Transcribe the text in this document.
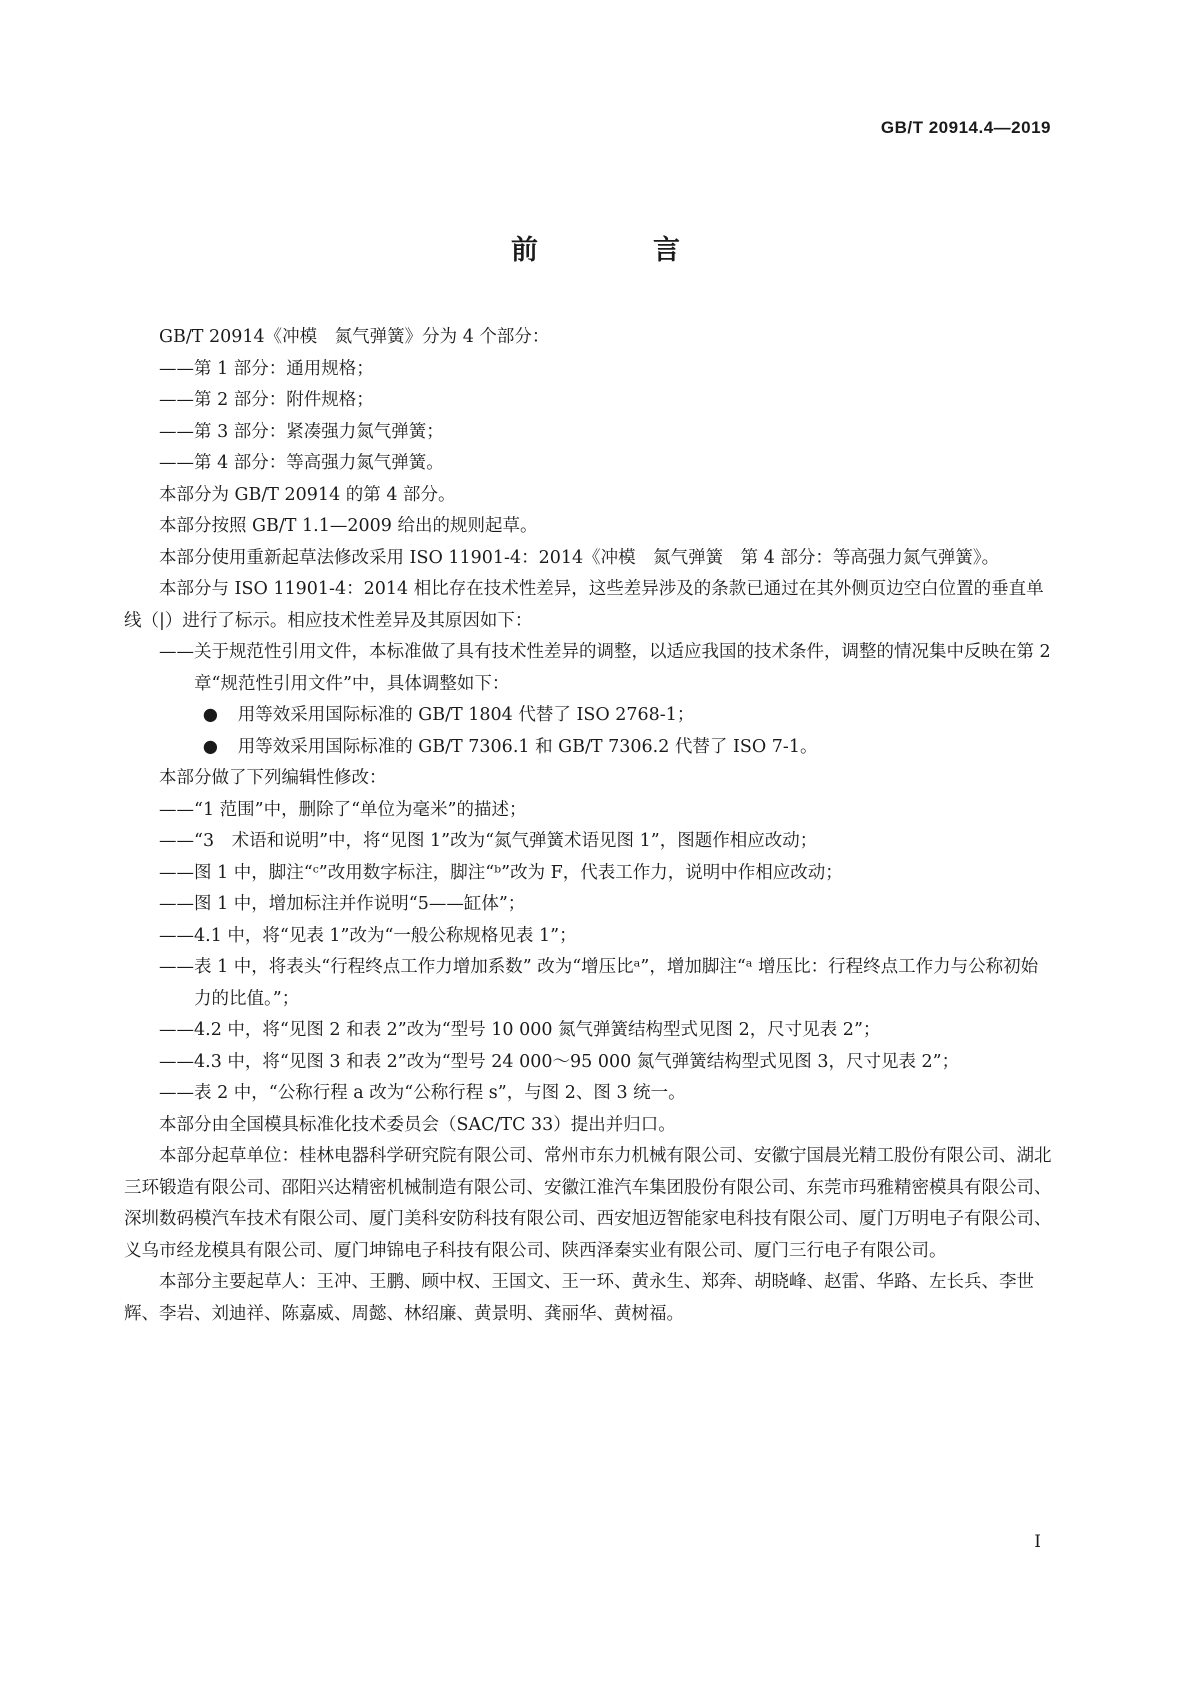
GB/T 20914.4—2019
前　言
GB/T 20914《冲模　氮气弹簧》分为 4 个部分：
——第 1 部分：通用规格；
——第 2 部分：附件规格；
——第 3 部分：紧凑强力氮气弹簧；
——第 4 部分：等高强力氮气弹簧。
本部分为 GB/T 20914 的第 4 部分。
本部分按照 GB/T 1.1—2009 给出的规则起草。
本部分使用重新起草法修改采用 ISO 11901-4：2014《冲模　氮气弹簧　第 4 部分：等高强力氮气弹簧》。
本部分与 ISO 11901-4：2014 相比存在技术性差异，这些差异涉及的条款已通过在其外侧页边空白位置的垂直单线（|）进行了标示。相应技术性差异及其原因如下：
——关于规范性引用文件，本标准做了具有技术性差异的调整，以适应我国的技术条件，调整的情况集中反映在第 2 章“规范性引用文件”中，具体调整如下：
● 用等效采用国际标准的 GB/T 1804 代替了 ISO 2768-1；
● 用等效采用国际标准的 GB/T 7306.1 和 GB/T 7306.2 代替了 ISO 7-1。
本部分做了下列编辑性修改：
——“1 范围”中，删除了“单位为毫米”的描述；
——“3　术语和说明”中，将“见图 1”改为“氮气弹簧术语见图 1”，图题作相应改动；
——图 1 中，脚注“ᶜ”改用数字标注，脚注“ᵇ”改为 F，代表工作力，说明中作相应改动；
——图 1 中，增加标注并作说明“5——缸体”；
——4.1 中，将“见表 1”改为“一般公称规格见表 1”；
——表 1 中，将表头“行程终点工作力增加系数” 改为“增压比ᵃ”，增加脚注“ᵃ 增压比：行程终点工作力与公称初始力的比值。”；
——4.2 中，将“见图 2 和表 2”改为“型号 10 000 氮气弹簧结构型式见图 2，尺寸见表 2”；
——4.3 中，将“见图 3 和表 2”改为“型号 24 000～95 000 氮气弹簧结构型式见图 3，尺寸见表 2”；
——表 2 中，“公称行程 a 改为“公称行程 s”，与图 2、图 3 统一。
本部分由全国模具标准化技术委员会（SAC/TC 33）提出并归口。
本部分起草单位：桂林电器科学研究院有限公司、常州市东力机械有限公司、安徽宁国晨光精工股份有限公司、湖北三环锻造有限公司、邵阳兴达精密机械制造有限公司、安徽江淮汽车集团股份有限公司、东莞市玛雅精密模具有限公司、深圳数码模汽车技术有限公司、厦门美科安防科技有限公司、西安旭迈智能家电科技有限公司、厦门万明电子有限公司、义乌市经龙模具有限公司、厦门坤锦电子科技有限公司、陕西泽秦实业有限公司、厦门三行电子有限公司。
本部分主要起草人：王冲、王鹏、顾中权、王国文、王一环、黄永生、郑奔、胡晓峰、赵雷、华路、左长兵、李世辉、李岩、刘迪祥、陈嘉威、周懿、林绍廉、黄景明、龚丽华、黄树福。
I
